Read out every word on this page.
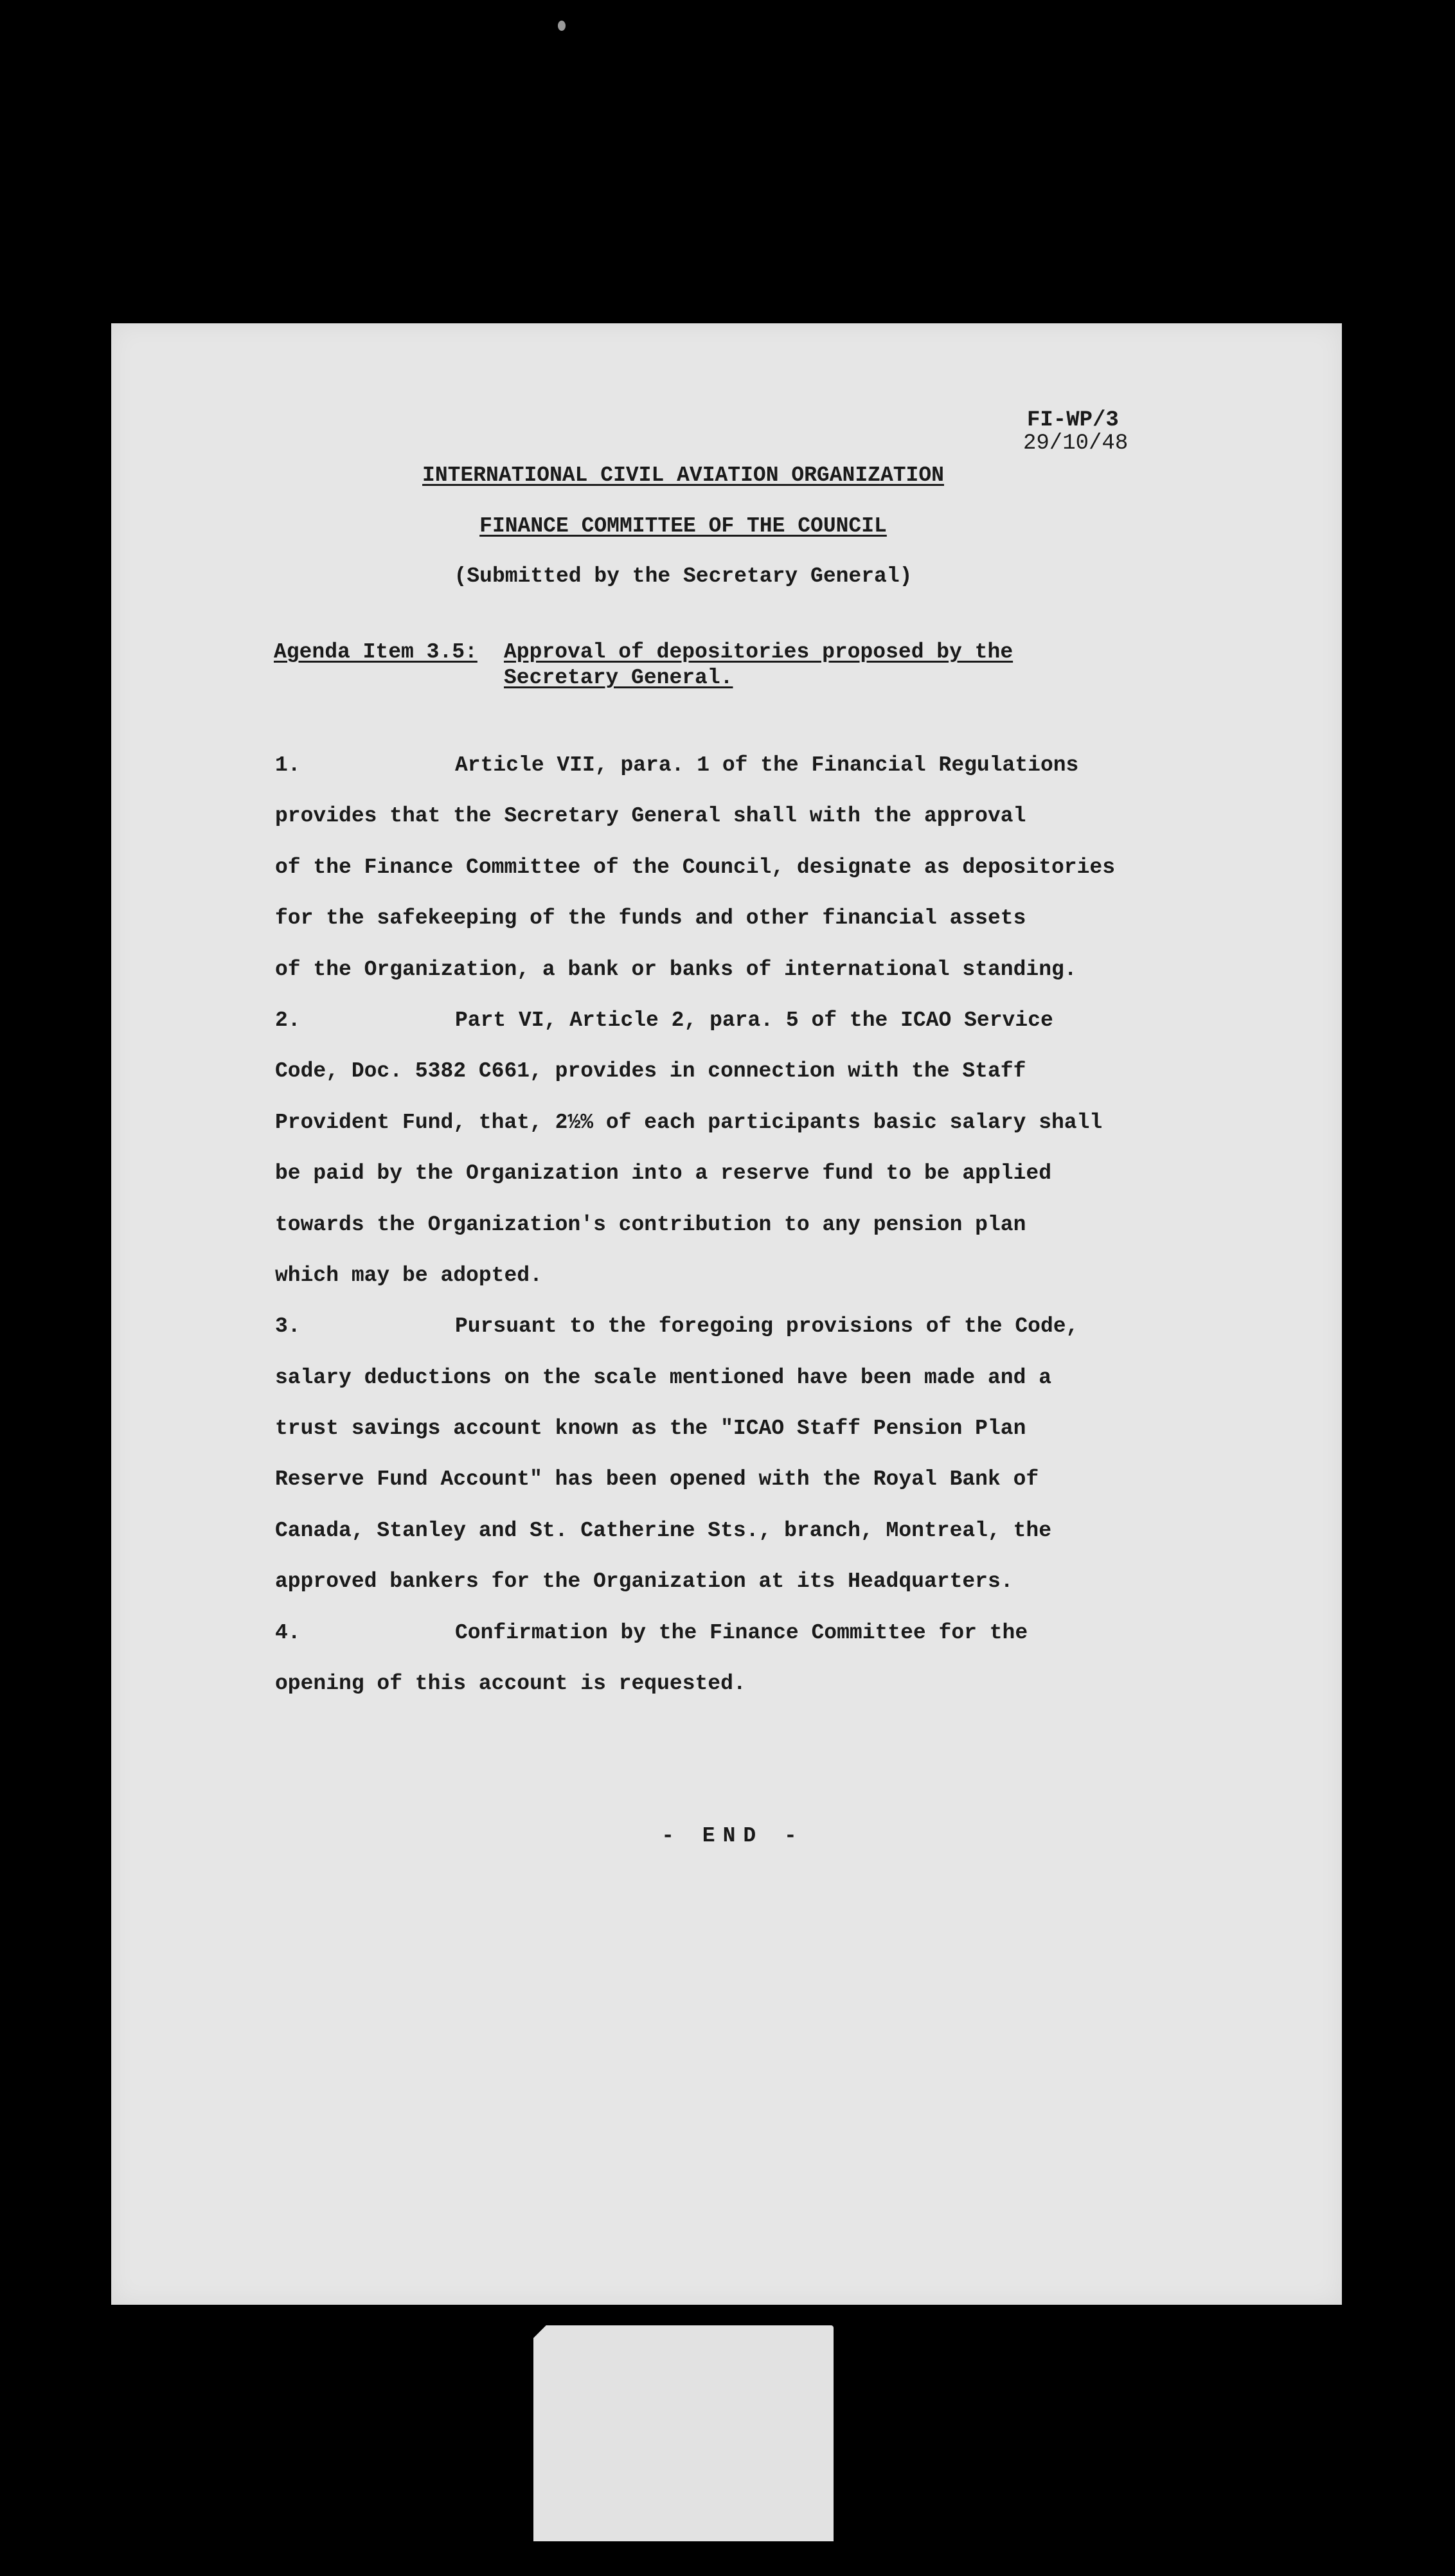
FI-WP/3
29/10/48
INTERNATIONAL CIVIL AVIATION ORGANIZATION
FINANCE COMMITTEE OF THE COUNCIL
(Submitted by the Secretary General)
Agenda Item 3.5: Approval of depositories proposed by the
Secretary General.
1.	Article VII, para. 1 of the Financial Regulations
provides that the Secretary General shall with the approval
of the Finance Committee of the Council, designate as depositories
for the safekeeping of the funds and other financial assets
of the Organization, a bank or banks of international standing.
2.	Part VI, Article 2, para. 5 of the ICAO Service
Code, Doc. 5382 C661, provides in connection with the Staff
Provident Fund, that, 2½% of each participants basic salary shall
be paid by the Organization into a reserve fund to be applied
towards the Organization's contribution to any pension plan
which may be adopted.
3.	Pursuant to the foregoing provisions of the Code,
salary deductions on the scale mentioned have been made and a
trust savings account known as the "ICAO Staff Pension Plan
Reserve Fund Account" has been opened with the Royal Bank of
Canada, Stanley and St. Catherine Sts., branch, Montreal, the
approved bankers for the Organization at its Headquarters.
4.	Confirmation by the Finance Committee for the
opening of this account is requested.
- END -
